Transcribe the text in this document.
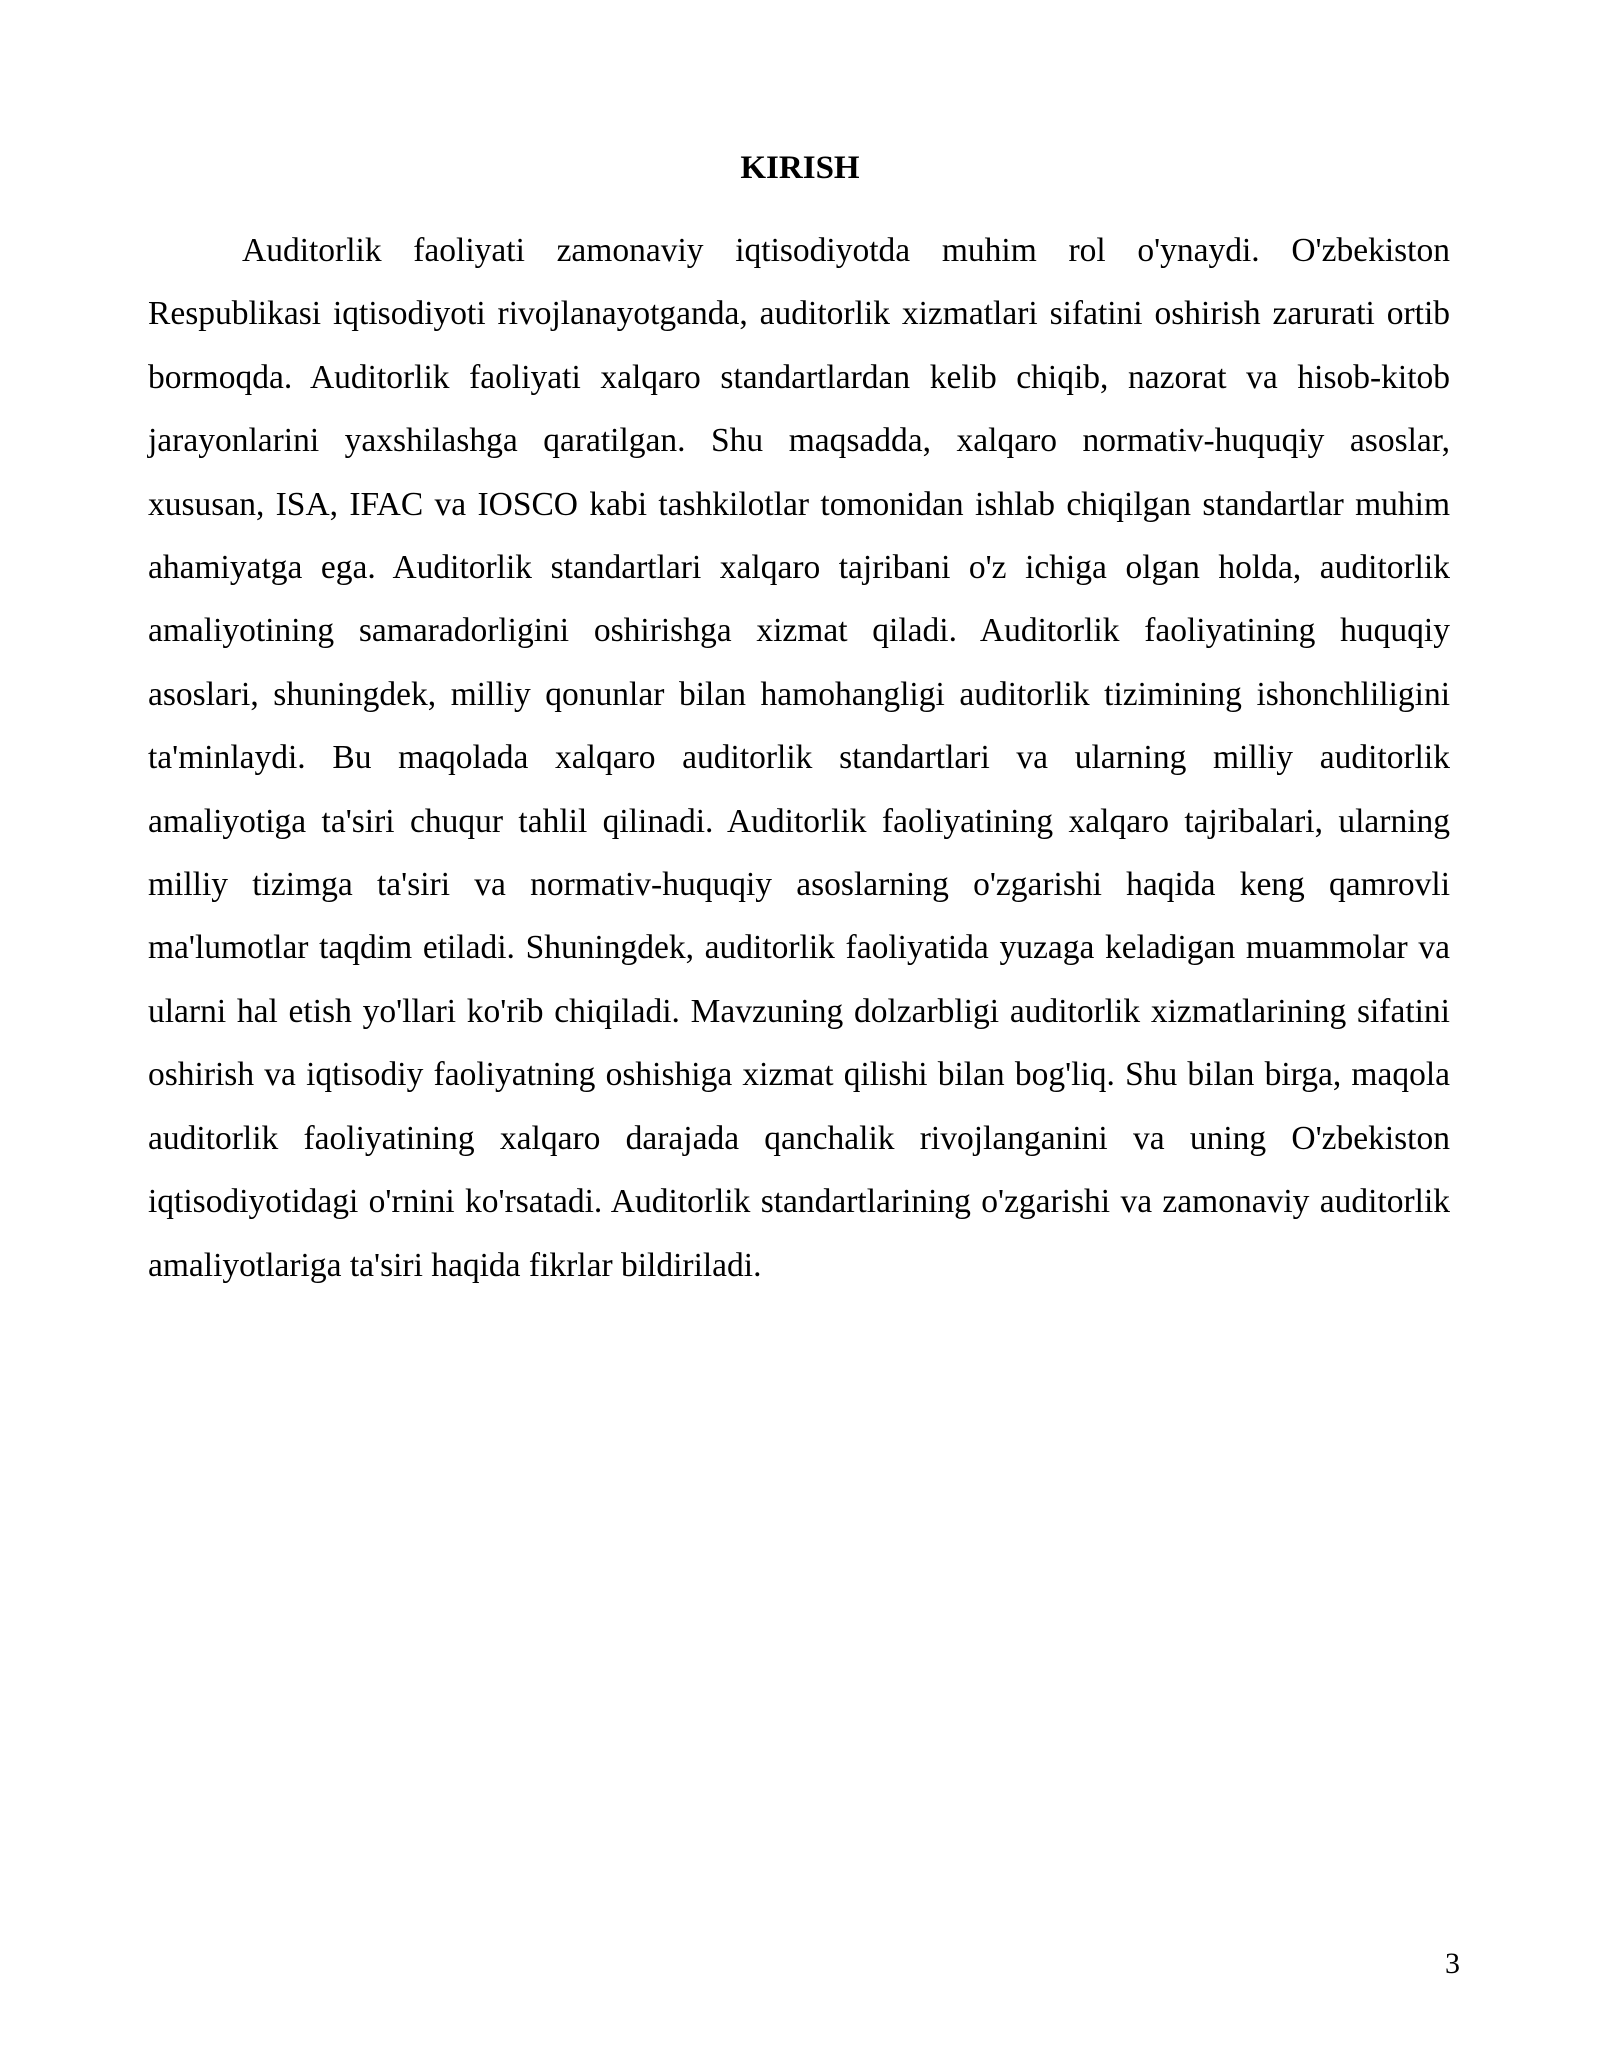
KIRISH

Auditorlik faoliyati zamonaviy iqtisodiyotda muhim rol o'ynaydi. O'zbekiston Respublikasi iqtisodiyoti rivojlanayotganda, auditorlik xizmatlari sifatini oshirish zarurati ortib bormoqda. Auditorlik faoliyati xalqaro standartlardan kelib chiqib, nazorat va hisob-kitob jarayonlarini yaxshilashga qaratilgan. Shu maqsadda, xalqaro normativ-huquqiy asoslar, xususan, ISA, IFAC va IOSCO kabi tashkilotlar tomonidan ishlab chiqilgan standartlar muhim ahamiyatga ega. Auditorlik standartlari xalqaro tajribani o'z ichiga olgan holda, auditorlik amaliyotining samaradorligini oshirishga xizmat qiladi. Auditorlik faoliyatining huquqiy asoslari, shuningdek, milliy qonunlar bilan hamohangligi auditorlik tizimining ishonchliligini ta'minlaydi. Bu maqolada xalqaro auditorlik standartlari va ularning milliy auditorlik amaliyotiga ta'siri chuqur tahlil qilinadi. Auditorlik faoliyatining xalqaro tajribalari, ularning milliy tizimga ta'siri va normativ-huquqiy asoslarning o'zgarishi haqida keng qamrovli ma'lumotlar taqdim etiladi. Shuningdek, auditorlik faoliyatida yuzaga keladigan muammolar va ularni hal etish yo'llari ko'rib chiqiladi. Mavzuning dolzarbligi auditorlik xizmatlarining sifatini oshirish va iqtisodiy faoliyatning oshishiga xizmat qilishi bilan bog'liq. Shu bilan birga, maqola auditorlik faoliyatining xalqaro darajada qanchalik rivojlanganini va uning O'zbekiston iqtisodiyotidagi o'rnini ko'rsatadi. Auditorlik standartlarining o'zgarishi va zamonaviy auditorlik amaliyotlariga ta'siri haqida fikrlar bildiriladi.

3
